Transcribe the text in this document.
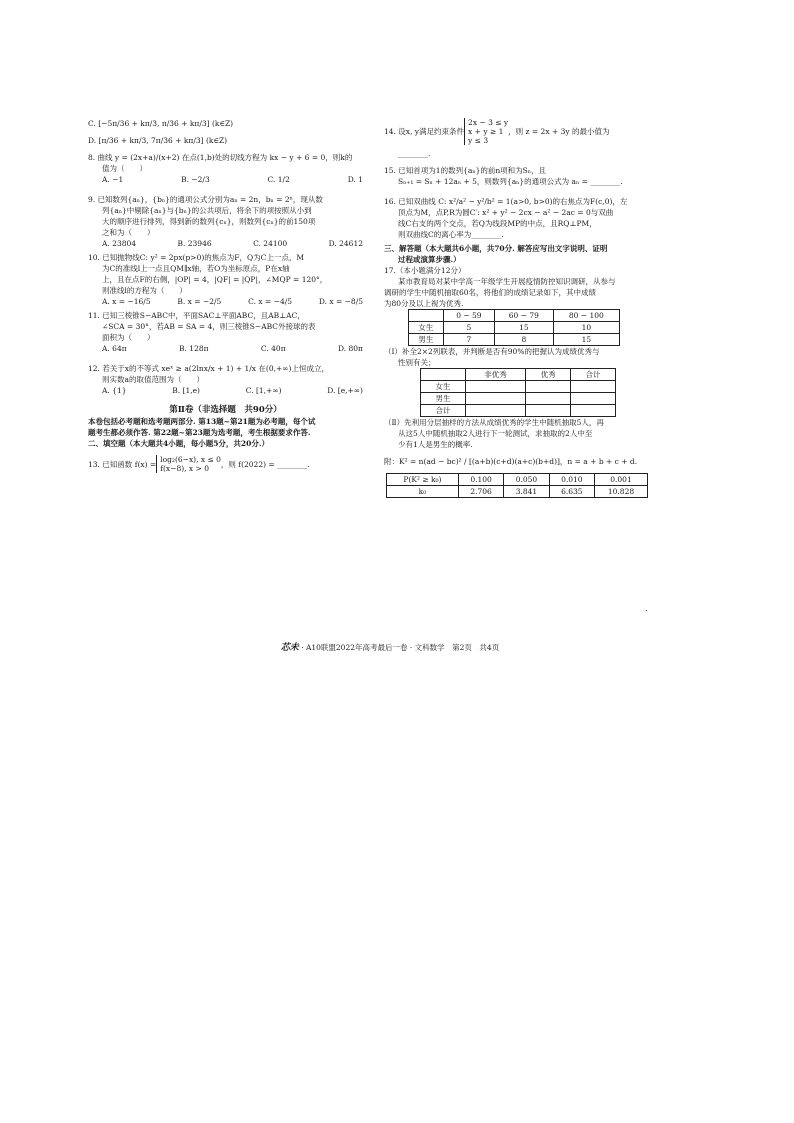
C. [−5π/36 + kπ/3, π/36 + kπ/3] (k∈Z)
D. [π/36 + kπ/3, 7π/36 + kπ/3] (k∈Z)
8. 曲线 y = (2x+a)/(x+2) 在点(1,b)处的切线方程为 kx − y + 6 = 0，则k的
值为（　　）
A. −1	B. −2/3	C. 1/2	D. 1
9. 已知数列{aₙ}，{bₙ}的通项公式分别为aₙ = 2n，bₙ = 2ⁿ，现从数
列{aₙ}中剔除{aₙ}与{bₙ}的公共项后，将余下的项按照从小到
大的顺序进行排列，得到新的数列{cₙ}，则数列{cₙ}的前150项
之和为（　　）
A. 23804	B. 23946	C. 24100	D. 24612
10. 已知抛物线C: y² = 2px(p>0)的焦点为F，Q为C上一点，M
为C的准线l上一点且QM∥x轴，若O为坐标原点，P在x轴
上，且在点F的右侧，|OP| = 4，|QF| = |QP|，∠MQP = 120°，
则准线l的方程为（　　）
A. x = −16/5	B. x = −2/5	C. x = −4/5	D. x = −8/5
11. 已知三棱锥S−ABC中，平面SAC⊥平面ABC，且AB⊥AC，
∠SCA = 30°，若AB = SA = 4，则三棱锥S−ABC外接球的表
面积为（　　）
A. 64π	B. 128π	C. 40π	D. 80π
12. 若关于x的不等式 xeˣ ≥ a(2lnx/x + 1) + 1/x 在(0,+∞)上恒成立，
则实数a的取值范围为（　　）
A. {1}	B. [1,e)	C. [1,+∞)	D. [e,+∞)
第Ⅱ卷（非选择题　共90分）
本卷包括必考题和选考题两部分. 第13题~第21题为必考题，每个试
题考生都必须作答. 第22题~第23题为选考题，考生根据要求作答.
二、填空题（本大题共4小题，每小题5分，共20分.）
13. 已知函数 f(x) = log₂(6−x), x ≤ 0
f(x−8), x > 0	，则 f(2022) = ________.
14. 设x, y满足约束条件
2x − 3 ≤ y
x + y ≥ 1
y ≤ 3
，则 z = 2x + 3y 的最小值为
________.
15. 已知首项为1的数列{aₙ}的前n项和为Sₙ，且
Sₙ₊₁ = Sₙ + 12aₙ + 5，则数列{aₙ}的通项公式为 aₙ = ________.
16. 已知双曲线 C: x²/a² − y²/b² = 1(a>0, b>0)的右焦点为F(c,0)，左
顶点为M，点P,R为圆C′: x² + y² − 2cx − a² − 2ac = 0与双曲
线C右支的两个交点，若Q为线段MP的中点，且RQ⊥PM，
则双曲线C的离心率为________.
三、解答题（本大题共6小题，共70分. 解答应写出文字说明、证明
过程或演算步骤.）
17.（本小题满分12分）
某市教育局对某中学高一年级学生开展疫情防控知识调研，从参与
调研的学生中随机抽取60名，将他们的成绩记录如下，其中成绩
为80分及以上视为优秀.
	0 − 59	60 − 79	80 − 100
女生	5	15	10
男生	7	8	15
（Ⅰ）补全2×2列联表，并判断是否有90%的把握认为成绩优秀与
性别有关；
	非优秀	优秀	合计
女生			
男生			
合计			
（Ⅱ）先利用分层抽样的方法从成绩优秀的学生中随机抽取5人，再
从这5人中随机抽取2人进行下一轮测试，求抽取的2人中至
少有1人是男生的概率.
附：K² = n(ad − bc)² / [(a+b)(c+d)(a+c)(b+d)]，n = a + b + c + d.
P(K² ≥ k₀)	0.100	0.050	0.010	0.001
k₀	2.706	3.841	6.635	10.828
.
芯未 · A10联盟2022年高考最后一卷 · 文科数学　第2页　共4页
